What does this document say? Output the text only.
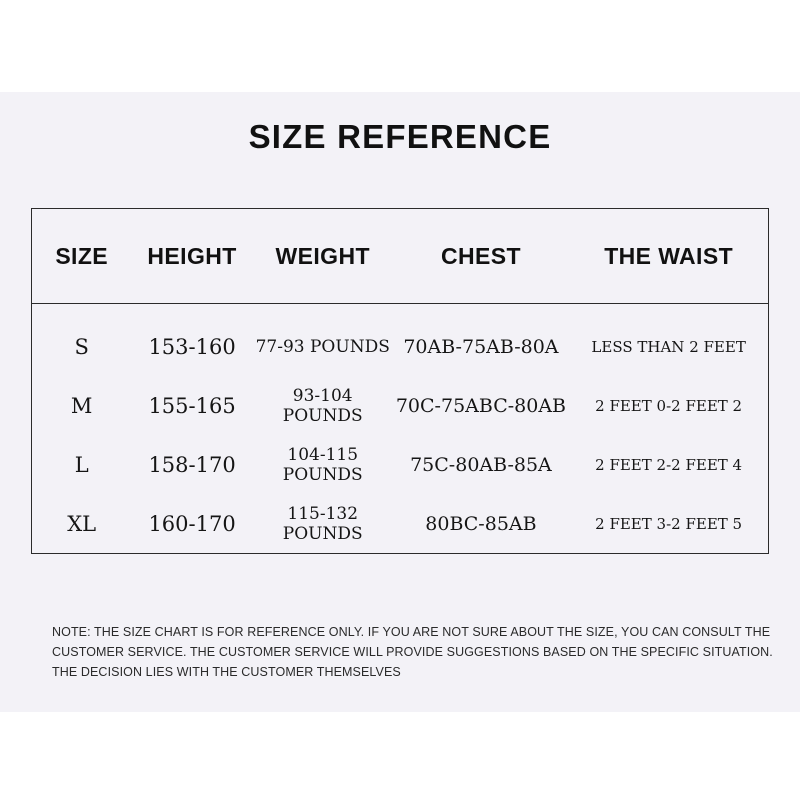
SIZE REFERENCE
SIZE	HEIGHT	WEIGHT	CHEST	THE WAIST
S	153-160	77-93 POUNDS	70AB-75AB-80A	LESS THAN 2 FEET
M	155-165	93-104 POUNDS	70C-75ABC-80AB	2 FEET 0-2 FEET 2
L	158-170	104-115 POUNDS	75C-80AB-85A	2 FEET 2-2 FEET 4
XL	160-170	115-132 POUNDS	80BC-85AB	2 FEET 3-2 FEET 5
NOTE: THE SIZE CHART IS FOR REFERENCE ONLY. IF YOU ARE NOT SURE ABOUT THE SIZE, YOU CAN CONSULT THE
CUSTOMER SERVICE. THE CUSTOMER SERVICE WILL PROVIDE SUGGESTIONS BASED ON THE SPECIFIC SITUATION.
THE DECISION LIES WITH THE CUSTOMER THEMSELVES
